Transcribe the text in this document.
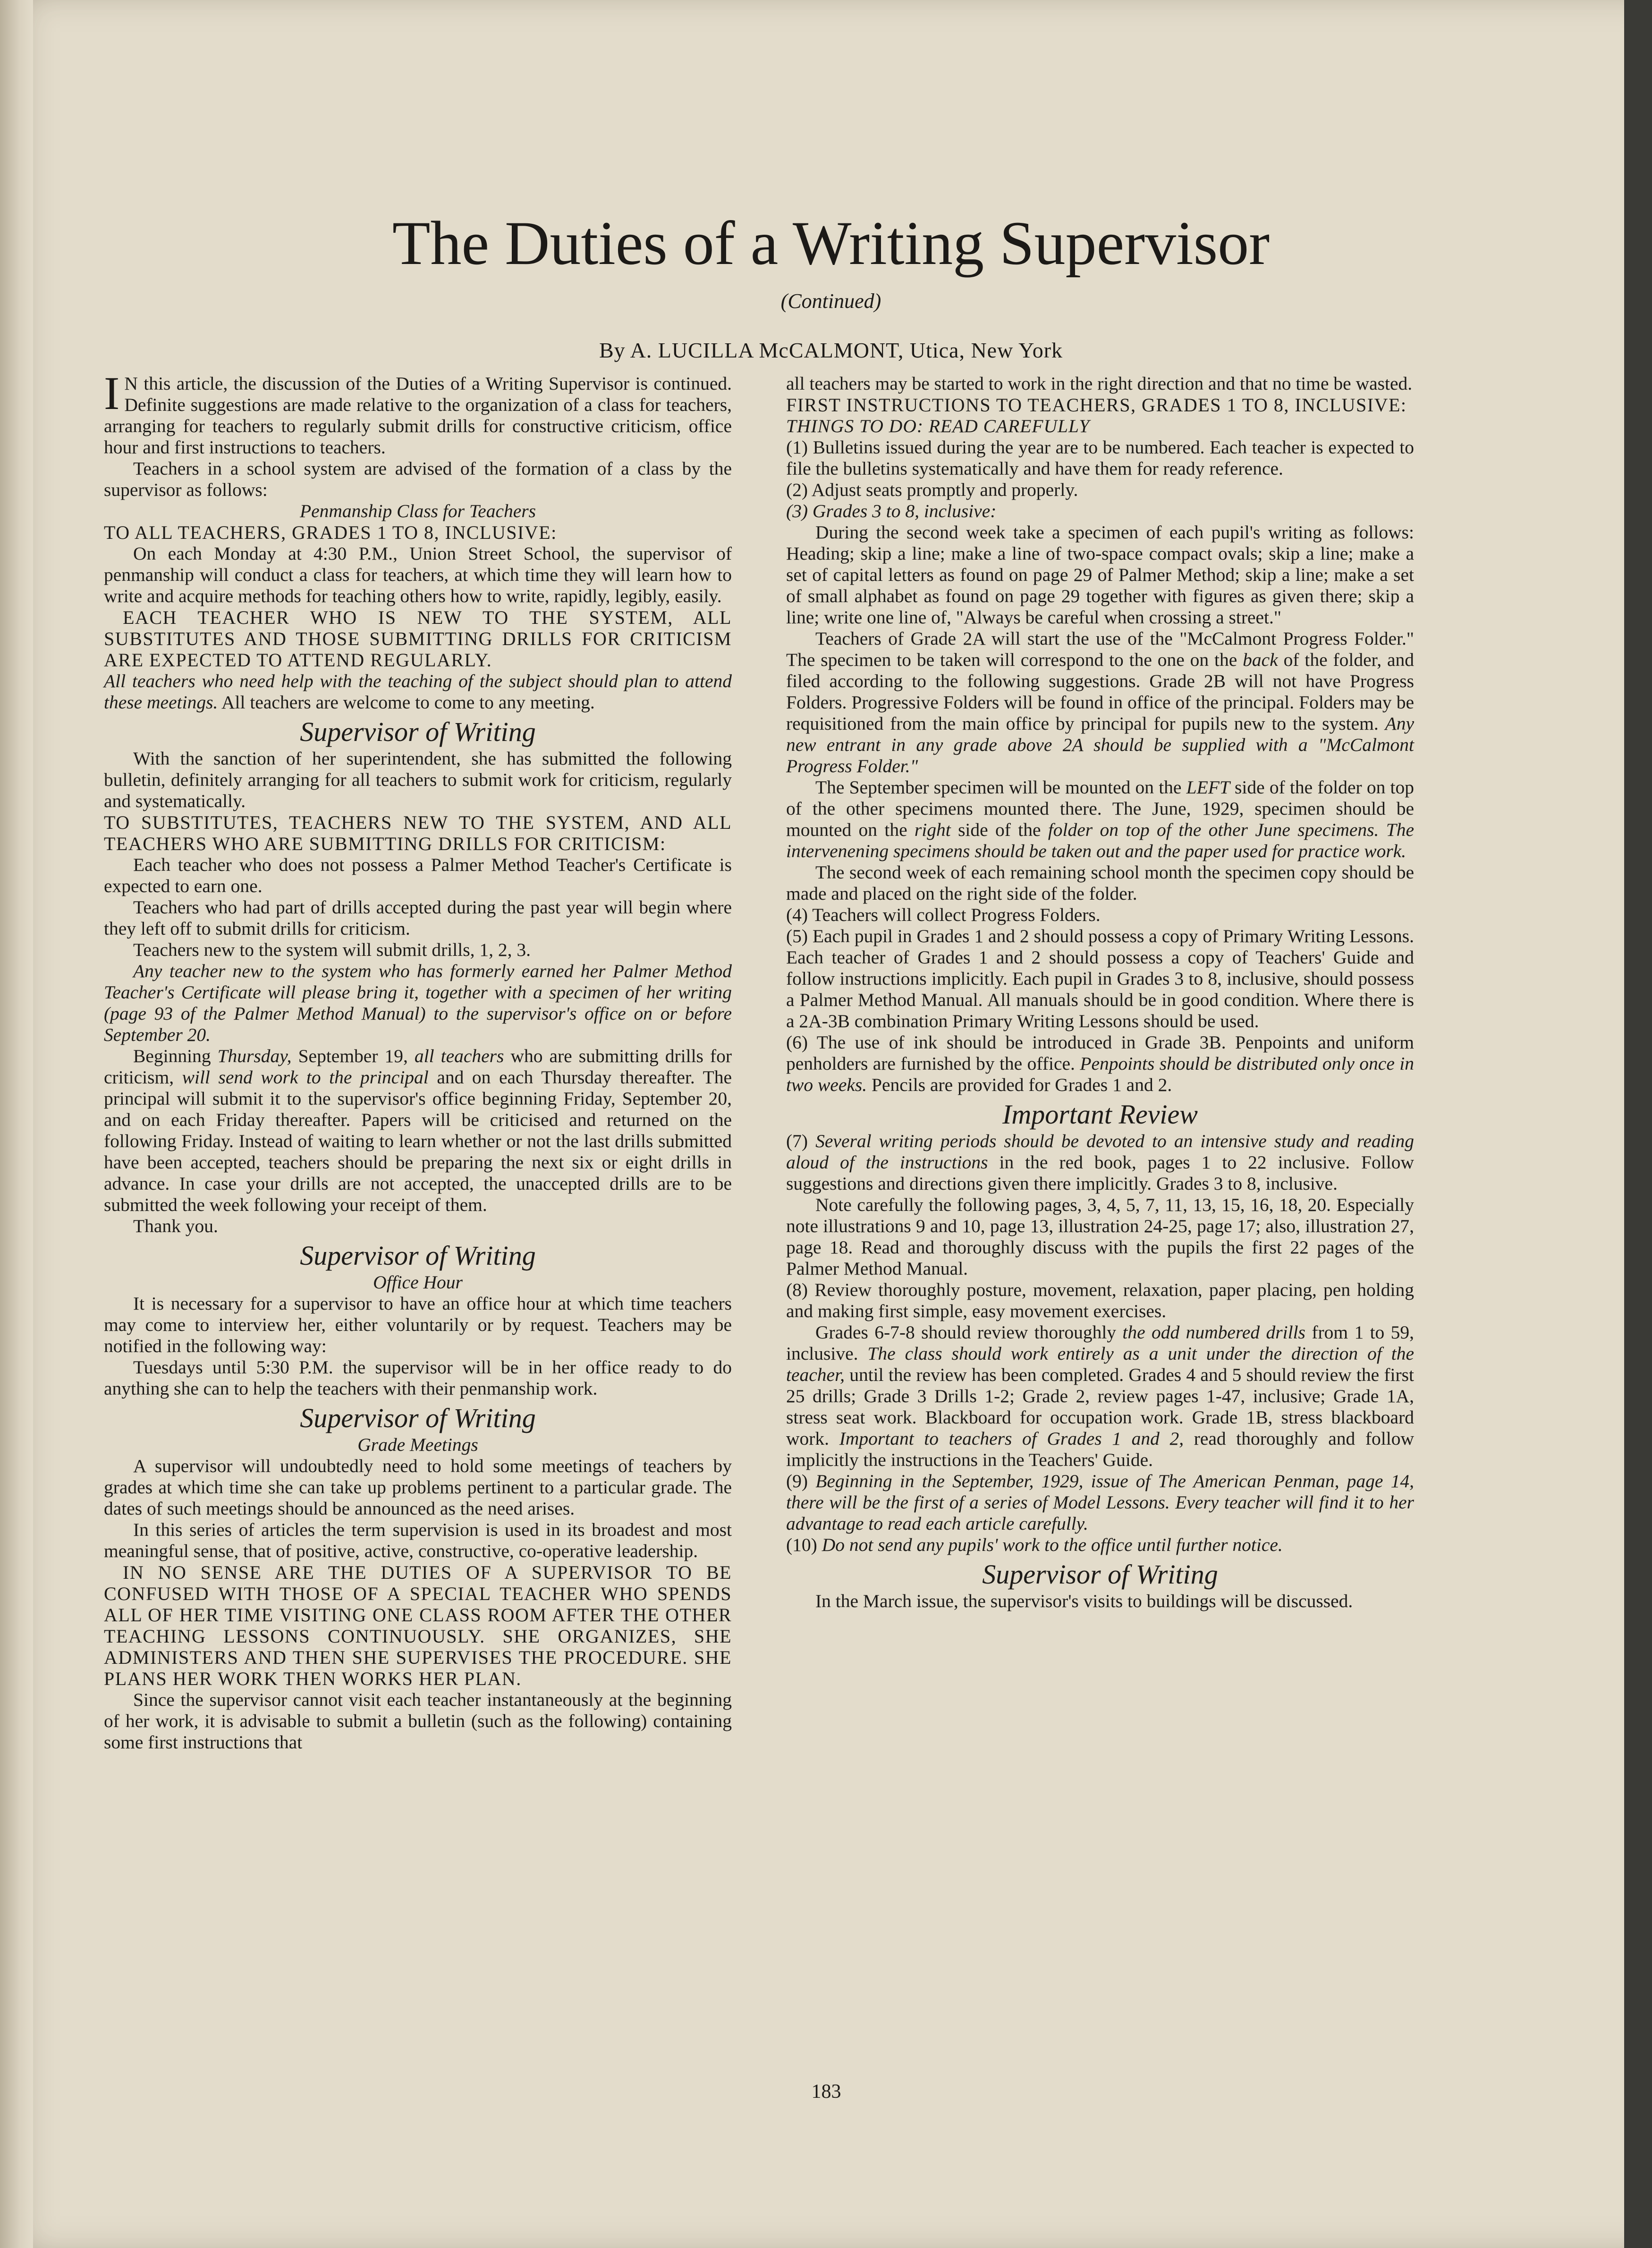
The Duties of a Writing Supervisor

(Continued)

By A. LUCILLA McCALMONT, Utica, New York

I N this article, the discussion of the Duties of a Writing Supervisor is continued. Definite suggestions are made relative to the organization of a class for teachers, arranging for teachers to regularly submit drills for constructive criticism, office hour and first instructions to teachers.

Teachers in a school system are advised of the formation of a class by the supervisor as follows:

Penmanship Class for Teachers

TO ALL TEACHERS, GRADES 1 TO 8, INCLUSIVE:

On each Monday at 4:30 P.M., Union Street School, the supervisor of penmanship will conduct a class for teachers, at which time they will learn how to write and acquire methods for teaching others how to write, rapidly, legibly, easily.

EACH TEACHER WHO IS NEW TO THE SYSTEM, ALL SUBSTITUTES AND THOSE SUBMITTING DRILLS FOR CRITICISM ARE EXPECTED TO ATTEND REGULARLY.

All teachers who need help with the teaching of the subject should plan to attend these meetings. All teachers are welcome to come to any meeting.

Supervisor of Writing

With the sanction of her superintendent, she has submitted the following bulletin, definitely arranging for all teachers to submit work for criticism, regularly and systematically.

TO SUBSTITUTES, TEACHERS NEW TO THE SYSTEM, AND ALL TEACHERS WHO ARE SUBMITTING DRILLS FOR CRITICISM:

Each teacher who does not possess a Palmer Method Teacher's Certificate is expected to earn one.

Teachers who had part of drills accepted during the past year will begin where they left off to submit drills for criticism.

Teachers new to the system will submit drills, 1, 2, 3.

Any teacher new to the system who has formerly earned her Palmer Method Teacher's Certificate will please bring it, together with a specimen of her writing (page 93 of the Palmer Method Manual) to the supervisor's office on or before September 20.

Beginning Thursday, September 19, all teachers who are submitting drills for criticism, will send work to the principal and on each Thursday thereafter. The principal will submit it to the supervisor's office beginning Friday, September 20, and on each Friday thereafter. Papers will be criticised and returned on the following Friday. Instead of waiting to learn whether or not the last drills submitted have been accepted, teachers should be preparing the next six or eight drills in advance. In case your drills are not accepted, the unaccepted drills are to be submitted the week following your receipt of them.

Thank you.

Supervisor of Writing

Office Hour

It is necessary for a supervisor to have an office hour at which time teachers may come to interview her, either voluntarily or by request. Teachers may be notified in the following way:

Tuesdays until 5:30 P.M. the supervisor will be in her office ready to do anything she can to help the teachers with their penmanship work.

Supervisor of Writing

Grade Meetings

A supervisor will undoubtedly need to hold some meetings of teachers by grades at which time she can take up problems pertinent to a particular grade. The dates of such meetings should be announced as the need arises.

In this series of articles the term supervision is used in its broadest and most meaningful sense, that of positive, active, constructive, co-operative leadership.

IN NO SENSE ARE THE DUTIES OF A SUPERVISOR TO BE CONFUSED WITH THOSE OF A SPECIAL TEACHER WHO SPENDS ALL OF HER TIME VISITING ONE CLASS ROOM AFTER THE OTHER TEACHING LESSONS CONTINUOUSLY. SHE ORGANIZES, SHE ADMINISTERS AND THEN SHE SUPERVISES THE PROCEDURE. SHE PLANS HER WORK THEN WORKS HER PLAN.

Since the supervisor cannot visit each teacher instantaneously at the beginning of her work, it is advisable to submit a bulletin (such as the following) containing some first instructions that

all teachers may be started to work in the right direction and that no time be wasted.

FIRST INSTRUCTIONS TO TEACHERS, GRADES 1 TO 8, INCLUSIVE:

THINGS TO DO: READ CAREFULLY

(1) Bulletins issued during the year are to be numbered. Each teacher is expected to file the bulletins systematically and have them for ready reference.

(2) Adjust seats promptly and properly.

(3) Grades 3 to 8, inclusive:

During the second week take a specimen of each pupil's writing as follows: Heading; skip a line; make a line of two-space compact ovals; skip a line; make a set of capital letters as found on page 29 of Palmer Method; skip a line; make a set of small alphabet as found on page 29 together with figures as given there; skip a line; write one line of, "Always be careful when crossing a street."

Teachers of Grade 2A will start the use of the "McCalmont Progress Folder." The specimen to be taken will correspond to the one on the back of the folder, and filed according to the following suggestions. Grade 2B will not have Progress Folders. Progressive Folders will be found in office of the principal. Folders may be requisitioned from the main office by principal for pupils new to the system. Any new entrant in any grade above 2A should be supplied with a "McCalmont Progress Folder."

The September specimen will be mounted on the LEFT side of the folder on top of the other specimens mounted there. The June, 1929, specimen should be mounted on the right side of the folder on top of the other June specimens. The intervenening specimens should be taken out and the paper used for practice work.

The second week of each remaining school month the specimen copy should be made and placed on the right side of the folder.

(4) Teachers will collect Progress Folders.

(5) Each pupil in Grades 1 and 2 should possess a copy of Primary Writing Lessons. Each teacher of Grades 1 and 2 should possess a copy of Teachers' Guide and follow instructions implicitly. Each pupil in Grades 3 to 8, inclusive, should possess a Palmer Method Manual. All manuals should be in good condition. Where there is a 2A-3B combination Primary Writing Lessons should be used.

(6) The use of ink should be introduced in Grade 3B. Penpoints and uniform penholders are furnished by the office. Penpoints should be distributed only once in two weeks. Pencils are provided for Grades 1 and 2.

Important Review

(7) Several writing periods should be devoted to an intensive study and reading aloud of the instructions in the red book, pages 1 to 22 inclusive. Follow suggestions and directions given there implicitly. Grades 3 to 8, inclusive.

Note carefully the following pages, 3, 4, 5, 7, 11, 13, 15, 16, 18, 20. Especially note illustrations 9 and 10, page 13, illustration 24-25, page 17; also, illustration 27, page 18. Read and thoroughly discuss with the pupils the first 22 pages of the Palmer Method Manual.

(8) Review thoroughly posture, movement, relaxation, paper placing, pen holding and making first simple, easy movement exercises.

Grades 6-7-8 should review thoroughly the odd numbered drills from 1 to 59, inclusive. The class should work entirely as a unit under the direction of the teacher, until the review has been completed. Grades 4 and 5 should review the first 25 drills; Grade 3 Drills 1-2; Grade 2, review pages 1-47, inclusive; Grade 1A, stress seat work. Blackboard for occupation work. Grade 1B, stress blackboard work. Important to teachers of Grades 1 and 2, read thoroughly and follow implicitly the instructions in the Teachers' Guide.

(9) Beginning in the September, 1929, issue of The American Penman, page 14, there will be the first of a series of Model Lessons. Every teacher will find it to her advantage to read each article carefully.

(10) Do not send any pupils' work to the office until further notice.

Supervisor of Writing

In the March issue, the supervisor's visits to buildings will be discussed.

183
